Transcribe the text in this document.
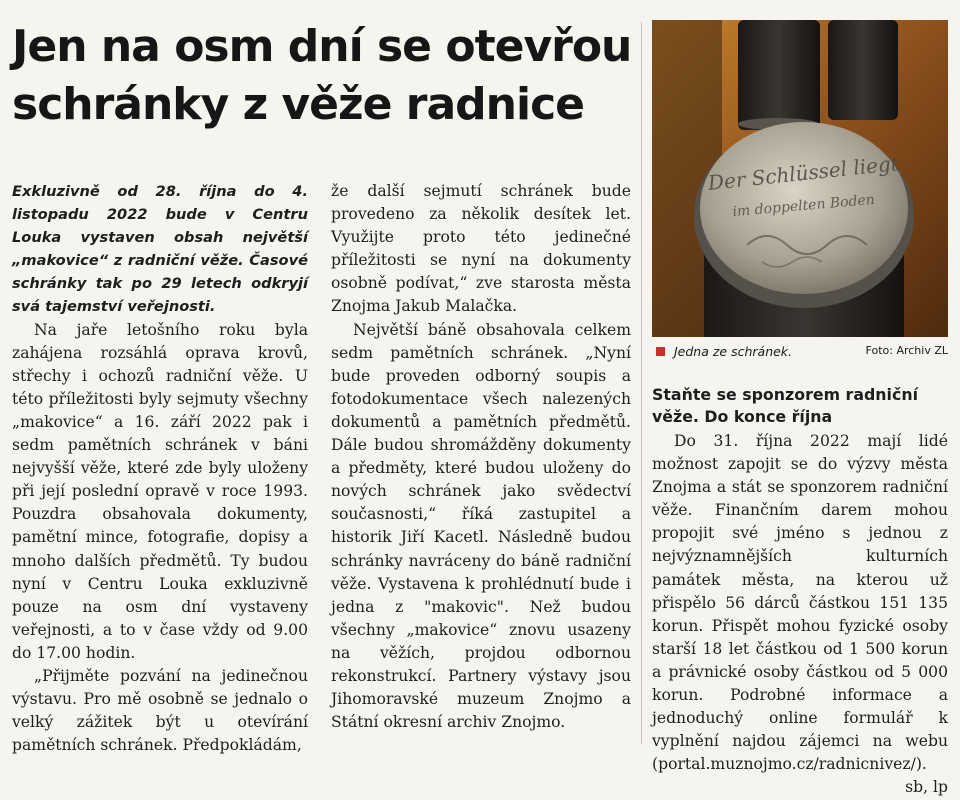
Jen na osm dní se otevřou schránky z věže radnice

Exkluzivně od 28. října do 4. listopadu 2022 bude v Centru Louka vystaven obsah největší „makovice“ z radniční věže. Časové schránky tak po 29 letech odkryjí svá tajemství veřejnosti.

Na jaře letošního roku byla zahájena rozsáhlá oprava krovů, střechy i ochozů radniční věže. U této příležitosti byly sejmuty všechny „makovice“ a 16. září 2022 pak i sedm pamětních schránek v báni nejvyšší věže, které zde byly uloženy při její poslední opravě v roce 1993. Pouzdra obsahovala dokumenty, pamětní mince, fotografie, dopisy a mnoho dalších předmětů. Ty budou nyní v Centru Louka exkluzivně pouze na osm dní vystaveny veřejnosti, a to v čase vždy od 9.00 do 17.00 hodin.

„Přijměte pozvání na jedinečnou výstavu. Pro mě osobně se jednalo o velký zážitek být u otevírání pamětních schránek. Předpokládám,

že další sejmutí schránek bude provedeno za několik desítek let. Využijte proto této jedinečné příležitosti se nyní na dokumenty osobně podívat,“ zve starosta města Znojma Jakub Malačka.

Největší báně obsahovala celkem sedm pamětních schránek. „Nyní bude proveden odborný soupis a fotodokumentace všech nalezených dokumentů a pamětních předmětů. Dále budou shromážděny dokumenty a předměty, které budou uloženy do nových schránek jako svědectví současnosti,“ říká zastupitel a historik Jiří Kacetl. Následně budou schránky navráceny do báně radniční věže. Vystavena k prohlédnutí bude i jedna z "makovic". Než budou všechny „makovice“ znovu usazeny na věžích, projdou odbornou rekonstrukcí. Partnery výstavy jsou Jihomoravské muzeum Znojmo a Státní okresní archiv Znojmo.

Der Schlüssel liegt
im doppelten Boden
Jedna ze schránek.	Foto: Archiv ZL

Staňte se sponzorem radniční věže. Do konce října

Do 31. října 2022 mají lidé možnost zapojit se do výzvy města Znojma a stát se sponzorem radniční věže. Finančním darem mohou propojit své jméno s jednou z nejvýznamnějších kulturních památek města, na kterou už přispělo 56 dárců částkou 151 135 korun. Přispět mohou fyzické osoby starší 18 let částkou od 1 500 korun a právnické osoby částkou od 5 000 korun. Podrobné informace a jednoduchý online formulář k vyplnění najdou zájemci na webu (portal.muznojmo.cz/radnicnivez/).

sb, lp
